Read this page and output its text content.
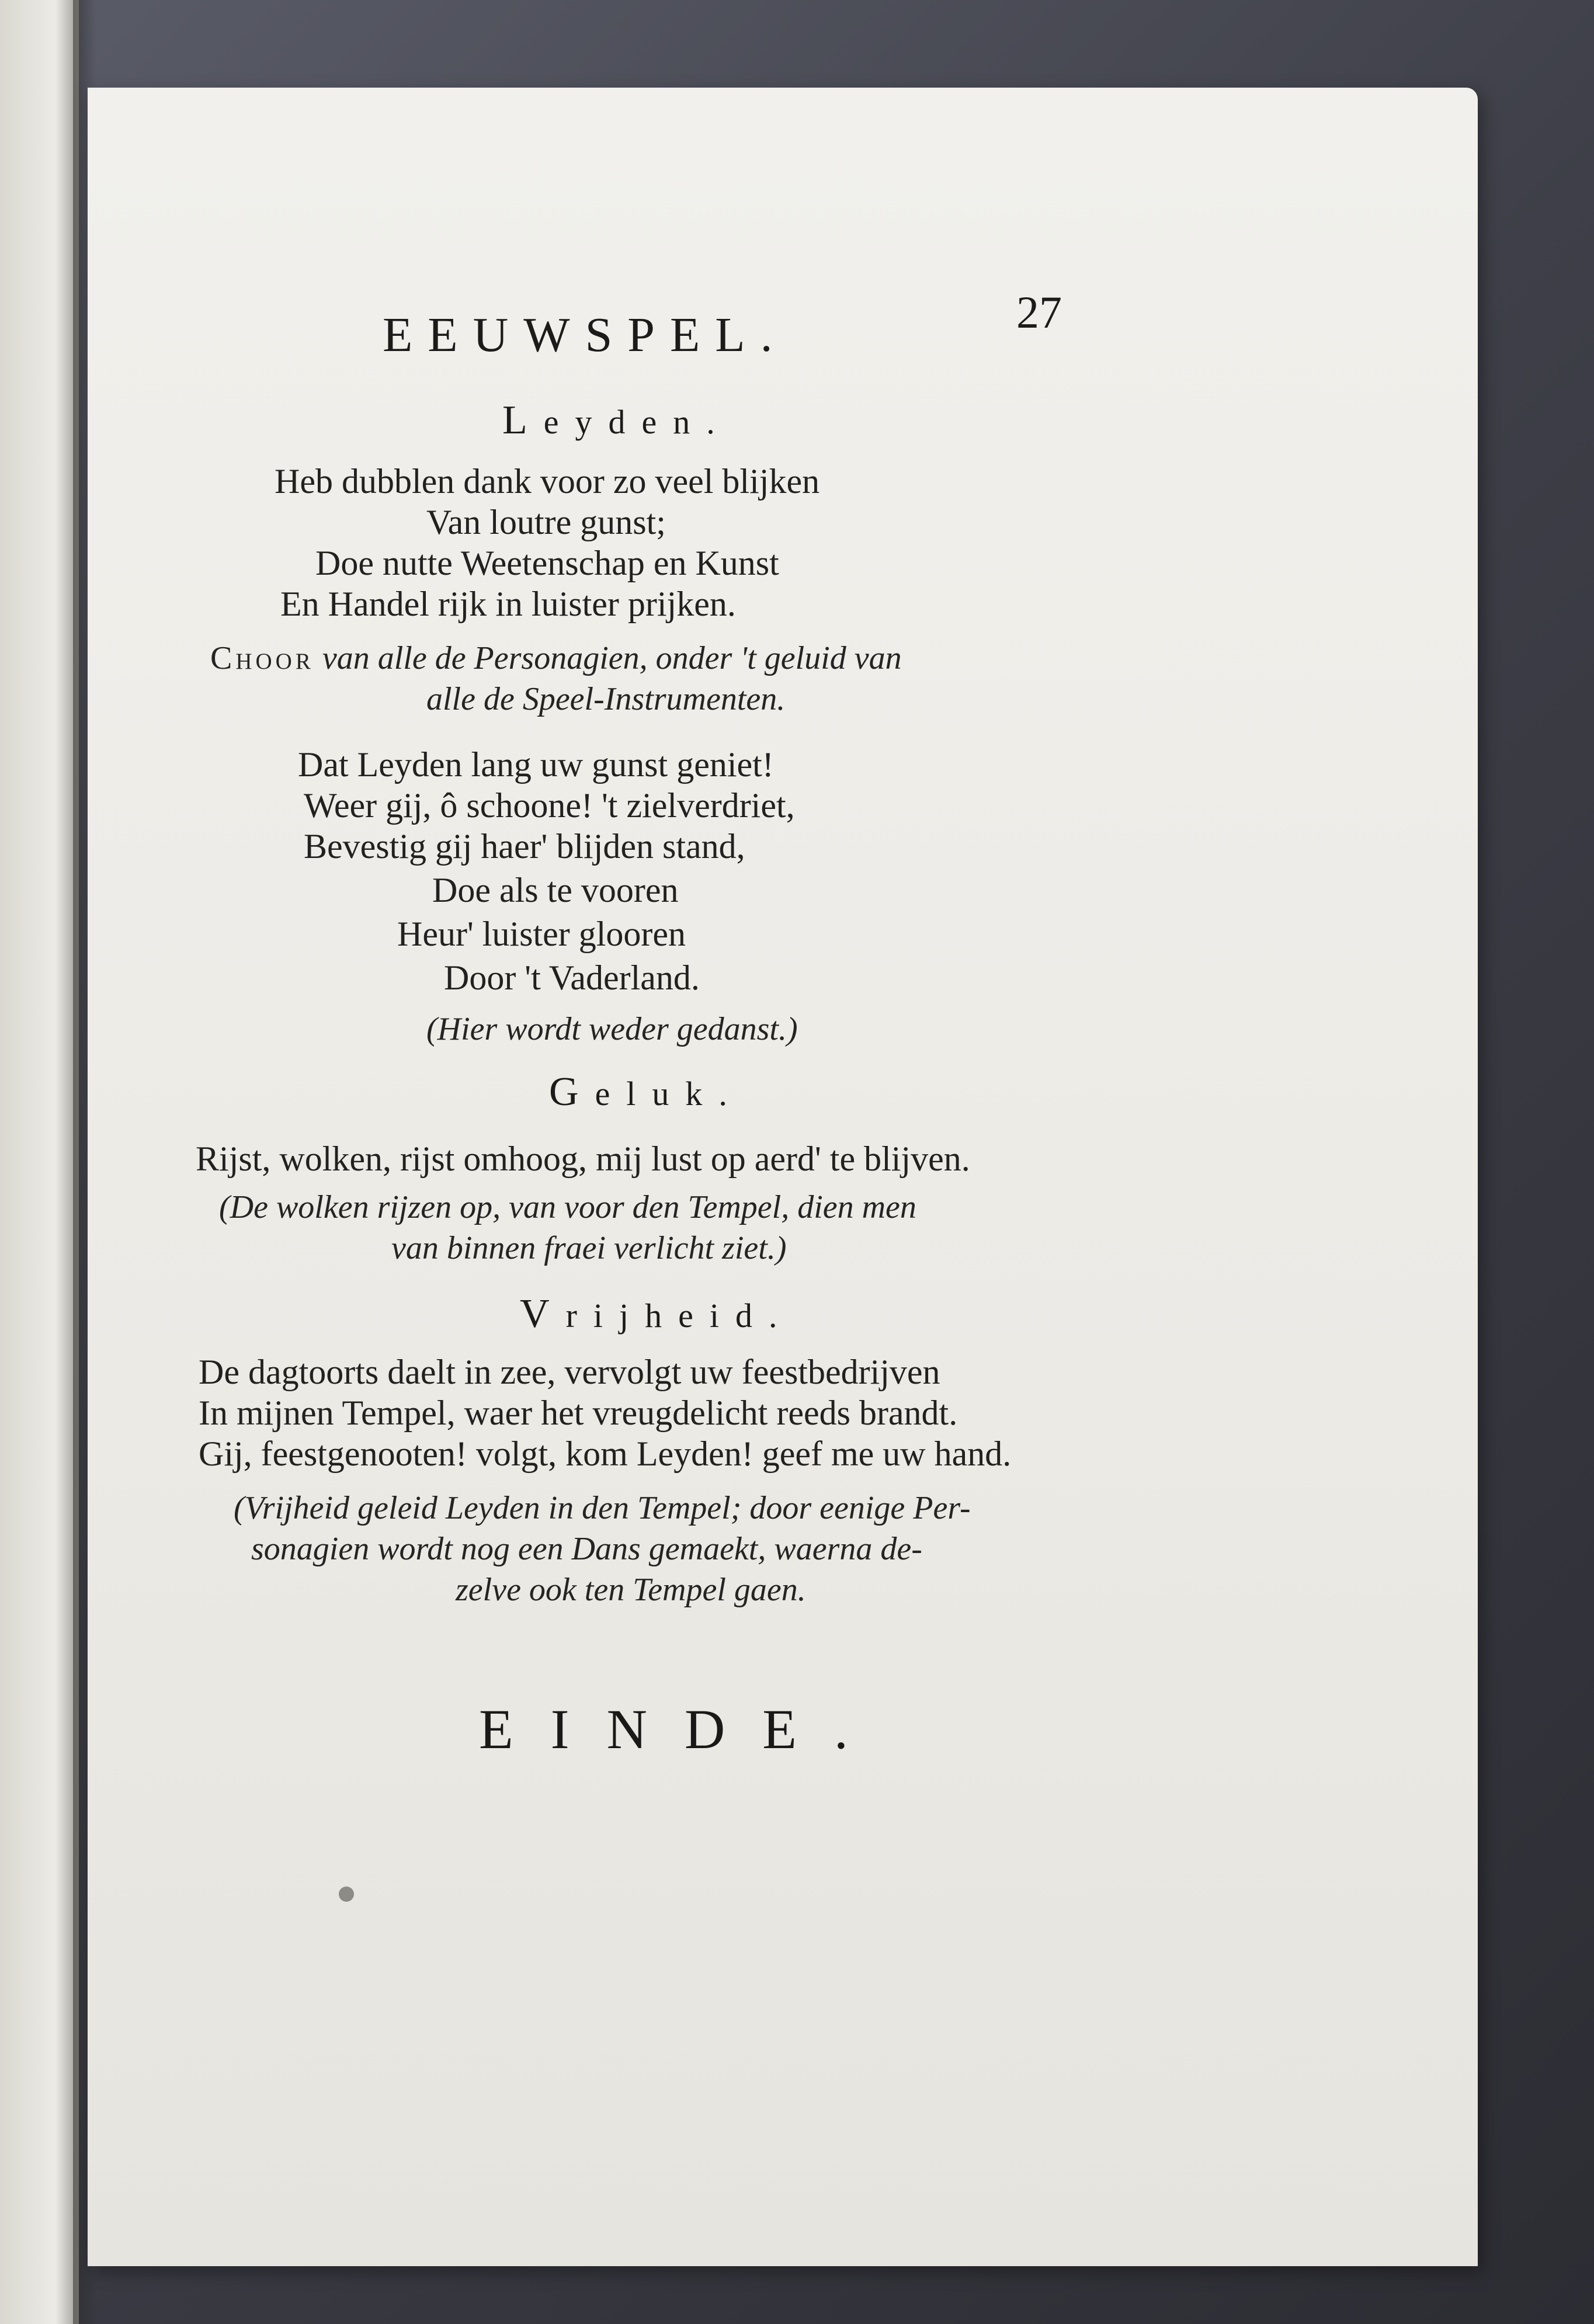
EEUWSPEL.	27
Leyden.
Heb dubblen dank voor zo veel blijken
Van loutre gunst;
Doe nutte Weetenschap en Kunst
En Handel rijk in luister prijken.
Choor van alle de Personagien, onder 't geluid van
alle de Speel-Instrumenten.
Dat Leyden lang uw gunst geniet!
Weer gij, ô schoone! 't zielverdriet,
Bevestig gij haer' blijden stand,
Doe als te vooren
Heur' luister glooren
Door 't Vaderland.
(Hier wordt weder gedanst.)
Geluk.
Rijst, wolken, rijst omhoog, mij lust op aerd' te blijven.
(De wolken rijzen op, van voor den Tempel, dien men
van binnen fraei verlicht ziet.)
Vrijheid.
De dagtoorts daelt in zee, vervolgt uw feestbedrijven
In mijnen Tempel, waer het vreugdelicht reeds brandt.
Gij, feestgenooten! volgt, kom Leyden! geef me uw hand.
(Vrijheid geleid Leyden in den Tempel; door eenige Per-
sonagien wordt nog een Dans gemaekt, waerna de-
zelve ook ten Tempel gaen.
EINDE.
